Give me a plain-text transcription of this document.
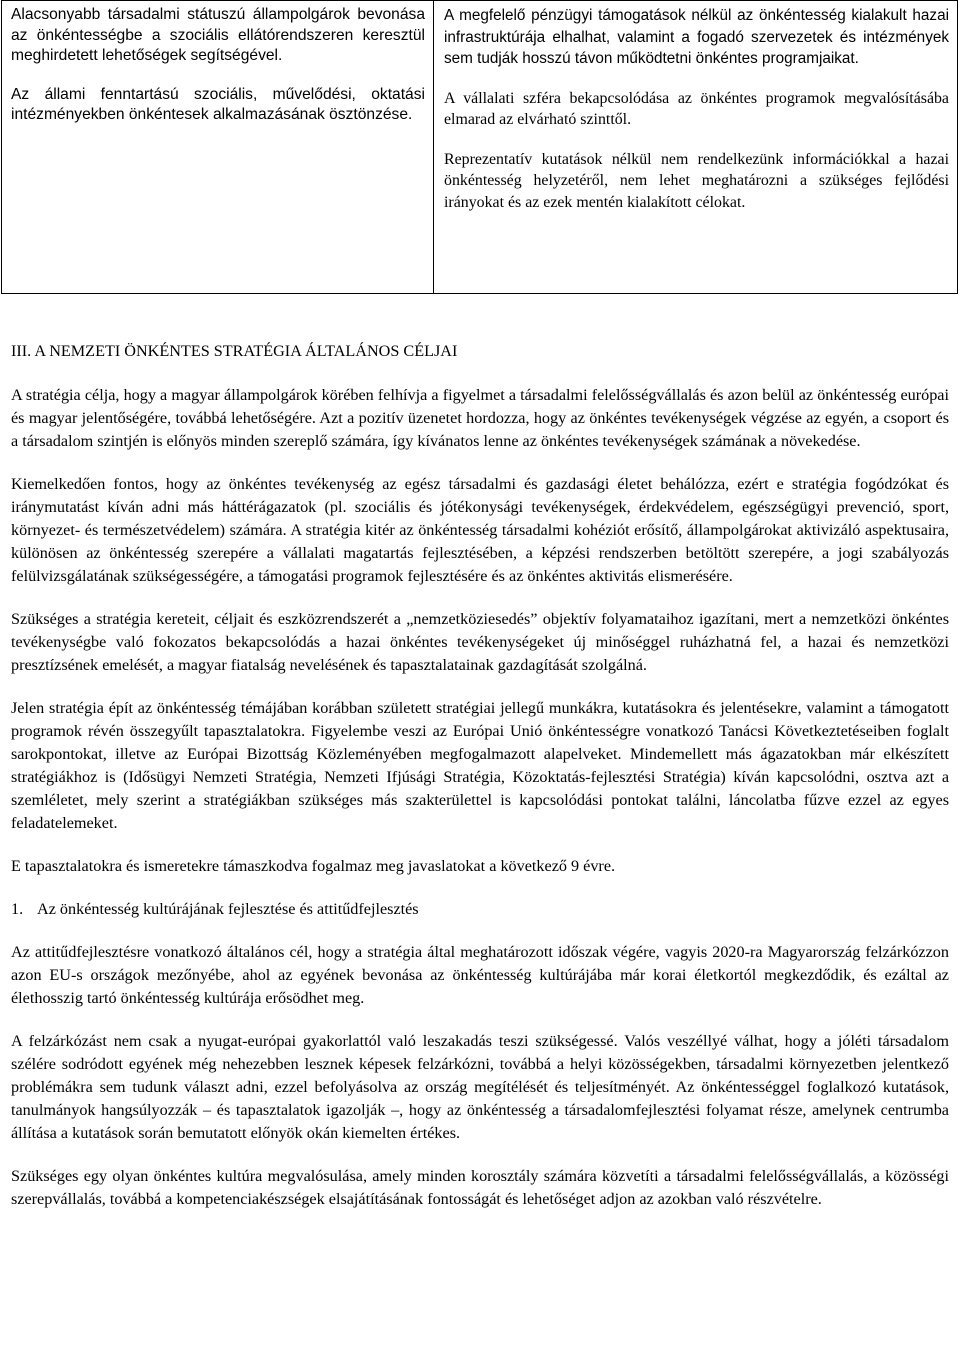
Alacsonyabb társadalmi státuszú állampolgárok bevonása az önkéntességbe a szociális ellátórendszeren keresztül meghirdetett lehetőségek segítségével.

Az állami fenntartású szociális, művelődési, oktatási intézményekben önkéntesek alkalmazásának ösztönzése.

A megfelelő pénzügyi támogatások nélkül az önkéntesség kialakult hazai infrastruktúrája elhalhat, valamint a fogadó szervezetek és intézmények sem tudják hosszú távon működtetni önkéntes programjaikat.

A vállalati szféra bekapcsolódása az önkéntes programok megvalósításába elmarad az elvárható szinttől.

Reprezentatív kutatások nélkül nem rendelkezünk információkkal a hazai önkéntesség helyzetéről, nem lehet meghatározni a szükséges fejlődési irányokat és az ezek mentén kialakított célokat.

III. A NEMZETI ÖNKÉNTES STRATÉGIA ÁLTALÁNOS CÉLJAI

A stratégia célja, hogy a magyar állampolgárok körében felhívja a figyelmet a társadalmi felelősségvállalás és azon belül az önkéntesség európai és magyar jelentőségére, továbbá lehetőségére. Azt a pozitív üzenetet hordozza, hogy az önkéntes tevékenységek végzése az egyén, a csoport és a társadalom szintjén is előnyös minden szereplő számára, így kívánatos lenne az önkéntes tevékenységek számának a növekedése.

Kiemelkedően fontos, hogy az önkéntes tevékenység az egész társadalmi és gazdasági életet behálózza, ezért e stratégia fogódzókat és iránymutatást kíván adni más háttérágazatok (pl. szociális és jótékonysági tevékenységek, érdekvédelem, egészségügyi prevenció, sport, környezet- és természetvédelem) számára. A stratégia kitér az önkéntesség társadalmi kohéziót erősítő, állampolgárokat aktivizáló aspektusaira, különösen az önkéntesség szerepére a vállalati magatartás fejlesztésében, a képzési rendszerben betöltött szerepére, a jogi szabályozás felülvizsgálatának szükségességére, a támogatási programok fejlesztésére és az önkéntes aktivitás elismerésére.

Szükséges a stratégia kereteit, céljait és eszközrendszerét a „nemzetköziesedés” objektív folyamataihoz igazítani, mert a nemzetközi önkéntes tevékenységbe való fokozatos bekapcsolódás a hazai önkéntes tevékenységeket új minőséggel ruházhatná fel, a hazai és nemzetközi presztízsének emelését, a magyar fiatalság nevelésének és tapasztalatainak gazdagítását szolgálná.

Jelen stratégia épít az önkéntesség témájában korábban született stratégiai jellegű munkákra, kutatásokra és jelentésekre, valamint a támogatott programok révén összegyűlt tapasztalatokra. Figyelembe veszi az Európai Unió önkéntességre vonatkozó Tanácsi Következtetéseiben foglalt sarokpontokat, illetve az Európai Bizottság Közleményében megfogalmazott alapelveket. Mindemellett más ágazatokban már elkészített stratégiákhoz is (Idősügyi Nemzeti Stratégia, Nemzeti Ifjúsági Stratégia, Közoktatás-fejlesztési Stratégia) kíván kapcsolódni, osztva azt a szemléletet, mely szerint a stratégiákban szükséges más szakterülettel is kapcsolódási pontokat találni, láncolatba fűzve ezzel az egyes feladatelemeket.

E tapasztalatokra és ismeretekre támaszkodva fogalmaz meg javaslatokat a következő 9 évre.

1. Az önkéntesség kultúrájának fejlesztése és attitűdfejlesztés

Az attitűdfejlesztésre vonatkozó általános cél, hogy a stratégia által meghatározott időszak végére, vagyis 2020-ra Magyarország felzárkózzon azon EU-s országok mezőnyébe, ahol az egyének bevonása az önkéntesség kultúrájába már korai életkortól megkezdődik, és ezáltal az élethosszig tartó önkéntesség kultúrája erősödhet meg.

A felzárkózást nem csak a nyugat-európai gyakorlattól való leszakadás teszi szükségessé. Valós veszéllyé válhat, hogy a jóléti társadalom szélére sodródott egyének még nehezebben lesznek képesek felzárkózni, továbbá a helyi közösségekben, társadalmi környezetben jelentkező problémákra sem tudunk választ adni, ezzel befolyásolva az ország megítélését és teljesítményét. Az önkéntességgel foglalkozó kutatások, tanulmányok hangsúlyozzák – és tapasztalatok igazolják –, hogy az önkéntesség a társadalomfejlesztési folyamat része, amelynek centrumba állítása a kutatások során bemutatott előnyök okán kiemelten értékes.

Szükséges egy olyan önkéntes kultúra megvalósulása, amely minden korosztály számára közvetíti a társadalmi felelősségvállalás, a közösségi szerepvállalás, továbbá a kompetenciakészségek elsajátításának fontosságát és lehetőséget adjon az azokban való részvételre.
